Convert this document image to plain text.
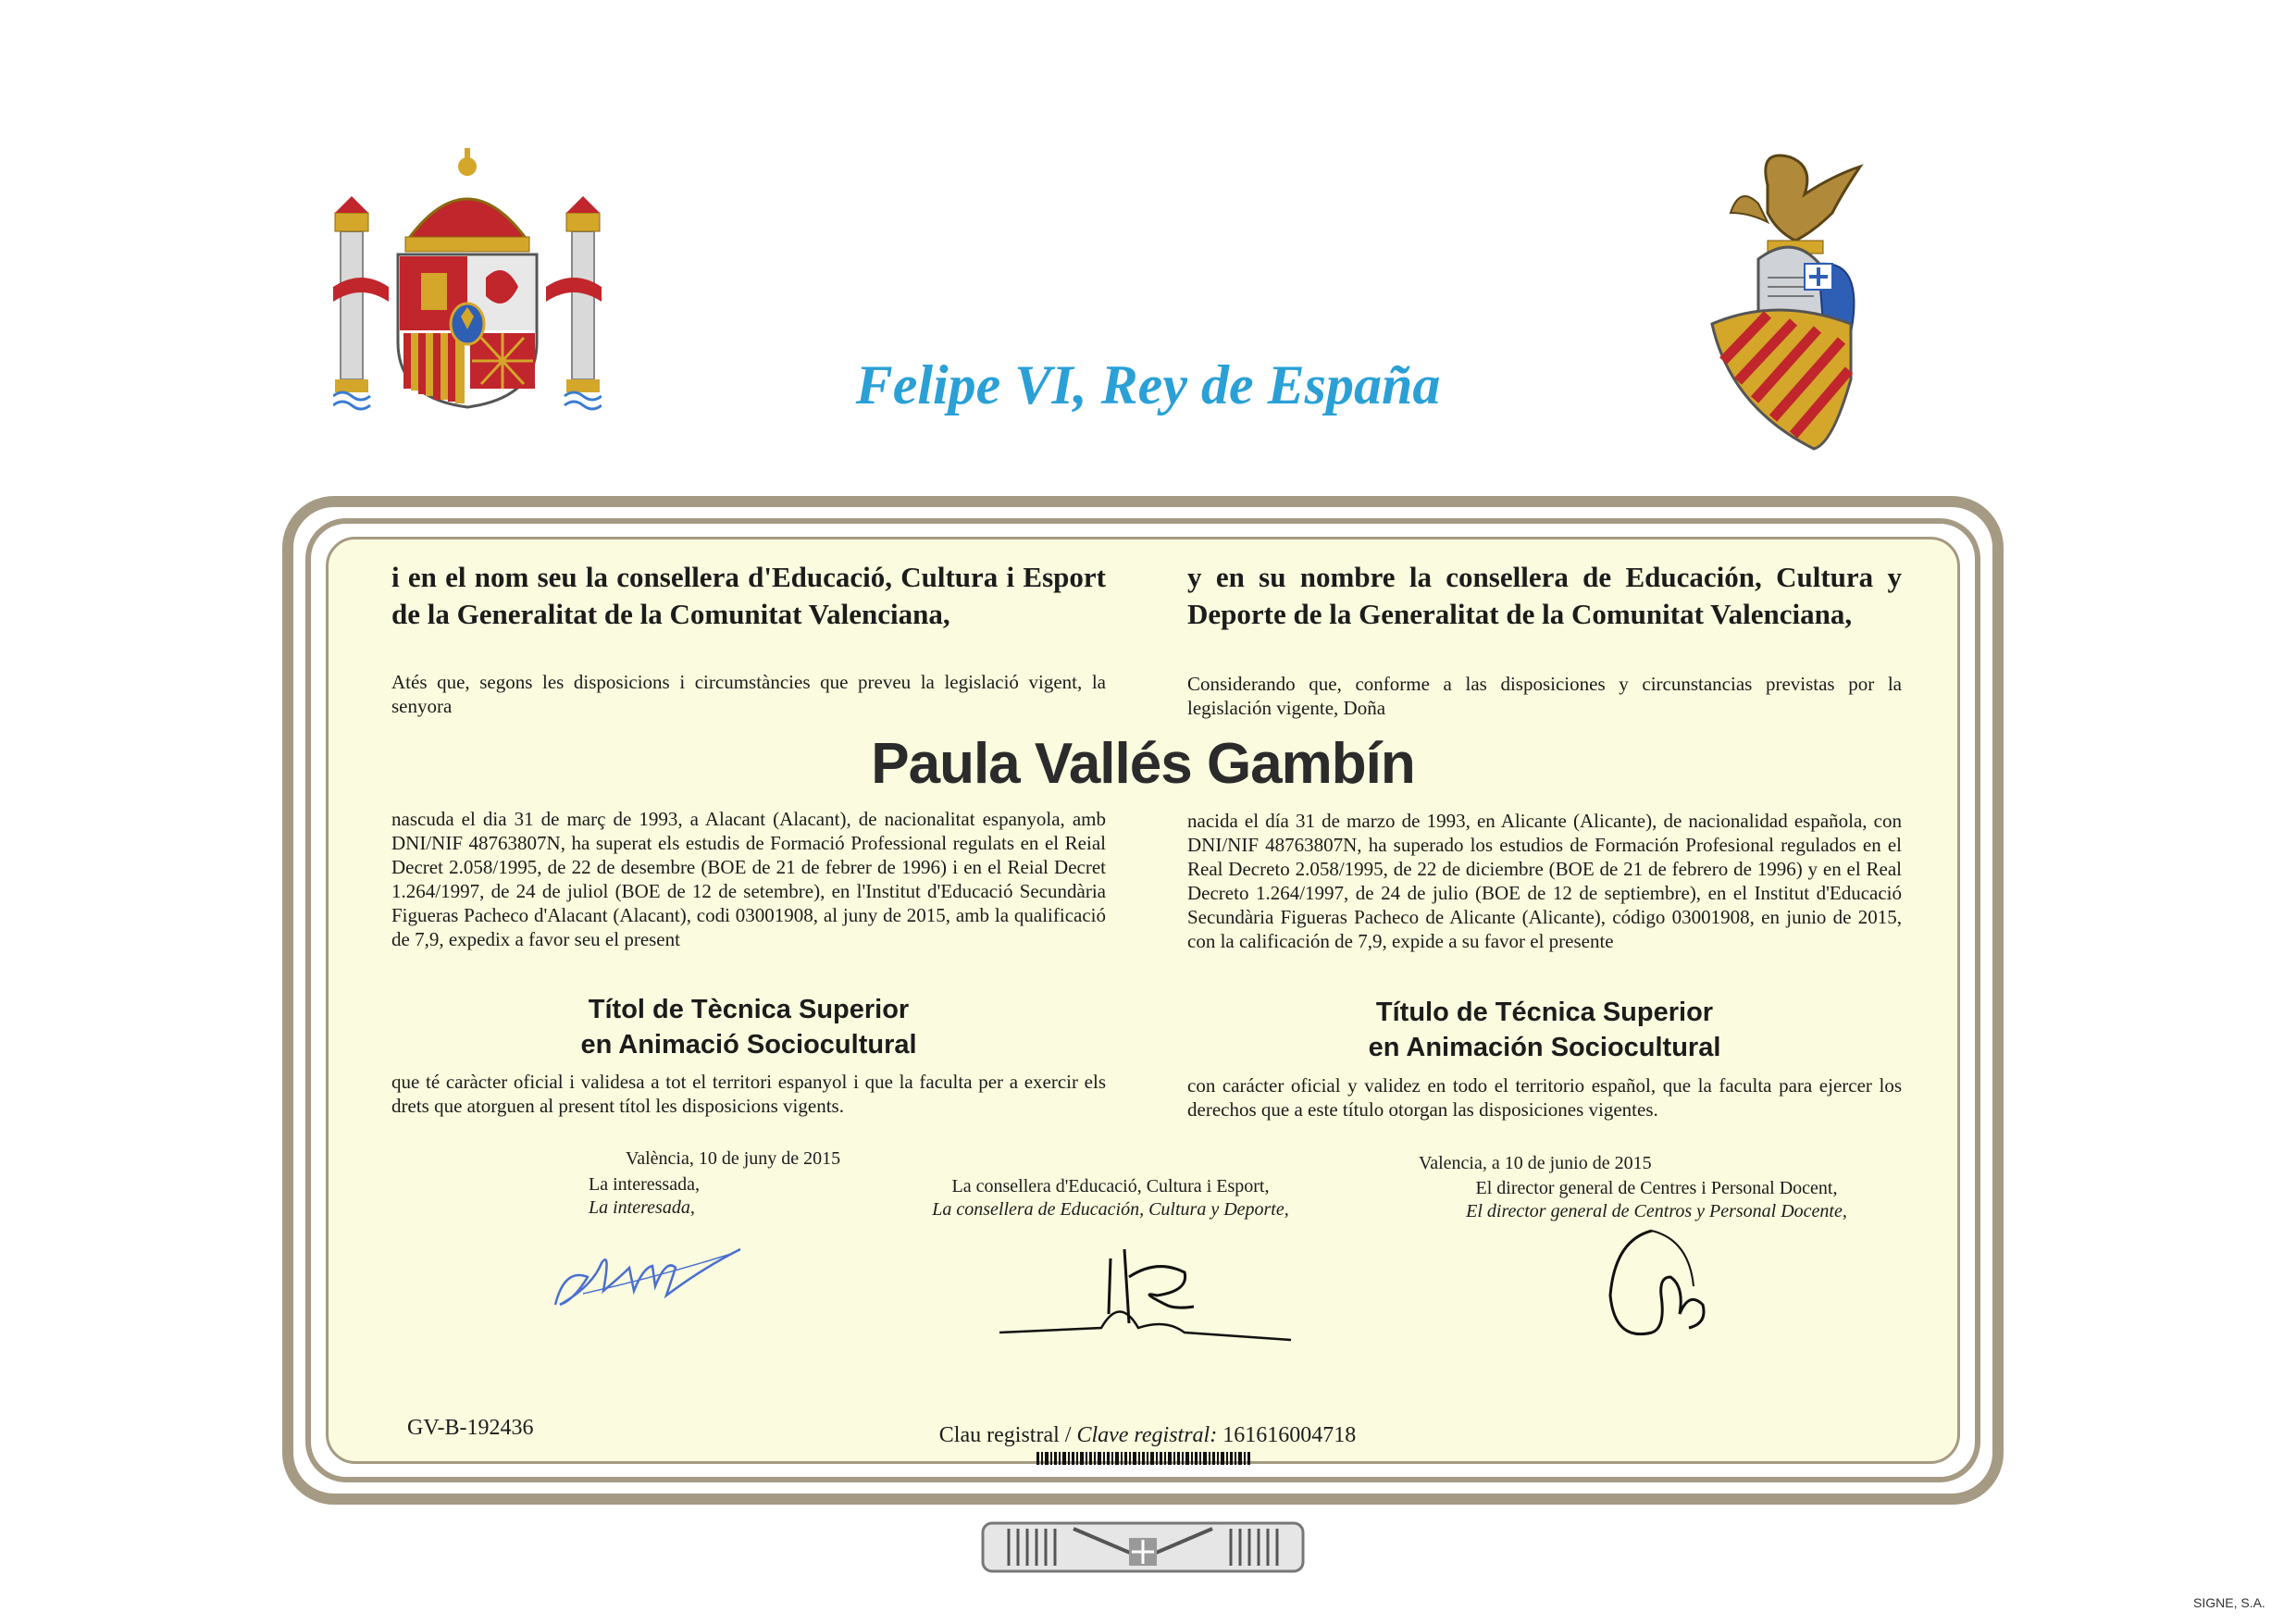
Felipe VI, Rey de España
i en el nom seu la consellera d'Educació, Cultura i Esport de la Generalitat de la Comunitat Valenciana,
Atés que, segons les disposicions i circumstàncies que preveu la legislació vigent, la senyora
y en su nombre la consellera de Educación, Cultura y Deporte de la Generalitat de la Comunitat Valenciana,
Considerando que, conforme a las disposiciones y circunstancias previstas por la legislación vigente, Doña
Paula Vallés Gambín
nascuda el dia 31 de març de 1993, a Alacant (Alacant), de nacionalitat espanyola, amb DNI/NIF 48763807N, ha superat els estudis de Formació Professional regulats en el Reial Decret 2.058/1995, de 22 de desembre (BOE de 21 de febrer de 1996) i en el Reial Decret 1.264/1997, de 24 de juliol (BOE de 12 de setembre), en l'Institut d'Educació Secundària Figueras Pacheco d'Alacant (Alacant), codi 03001908, al juny de 2015, amb la qualificació de 7,9, expedix a favor seu el present
nacida el día 31 de marzo de 1993, en Alicante (Alicante), de nacionalidad española, con DNI/NIF 48763807N, ha superado los estudios de Formación Profesional regulados en el Real Decreto 2.058/1995, de 22 de diciembre (BOE de 21 de febrero de 1996) y en el Real Decreto 1.264/1997, de 24 de julio (BOE de 12 de septiembre), en el Institut d'Educació Secundària Figueras Pacheco de Alicante (Alicante), código 03001908, en junio de 2015, con la calificación de 7,9, expide a su favor el presente
Títol de Tècnica Superior
en Animació Sociocultural
Título de Técnica Superior
en Animación Sociocultural
que té caràcter oficial i validesa a tot el territori espanyol i que la faculta per a exercir els drets que atorguen al present títol les disposicions vigents.
con carácter oficial y validez en todo el territorio español, que la faculta para ejercer los derechos que a este título otorgan las disposiciones vigentes.
València, 10 de juny de 2015
La interessada,
La interesada,
La consellera d'Educació, Cultura i Esport,
La consellera de Educación, Cultura y Deporte,
Valencia, a 10 de junio de 2015
El director general de Centres i Personal Docent,
El director general de Centros y Personal Docente,
GV-B-192436	Clau registral / Clave registral: 161616004718
SIGNE, S.A.
